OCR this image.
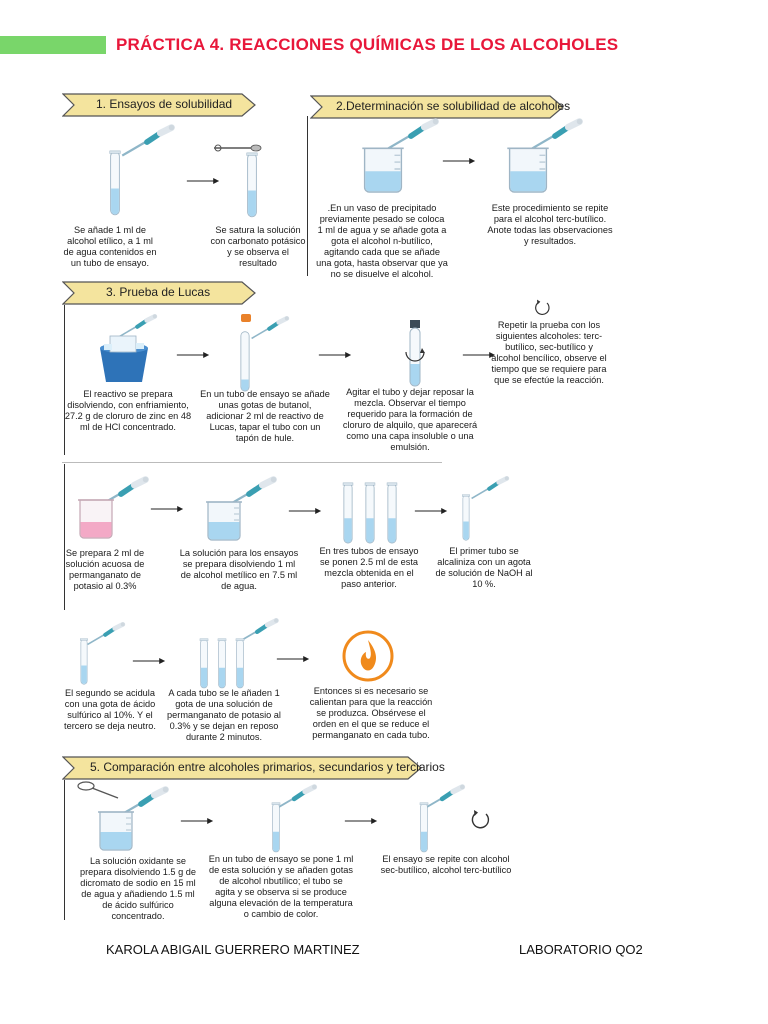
PRÁCTICA 4. REACCIONES QUÍMICAS DE LOS ALCOHOLES
1. Ensayos de solubilidad
Se añade 1 ml de alcohol etílico, a 1 ml de agua contenidos en un tubo de ensayo.
Se satura la solución con carbonato potásico y se observa el resultado
2.Determinación se solubilidad de alcoholes
.En un vaso de precipitado previamente pesado se coloca 1 ml de agua y se añade gota a gota el alcohol n-butílico, agitando cada que se añade una gota, hasta observar que ya no se disuelve el alcohol.
Este procedimiento se repite para el alcohol terc-butílico. Anote todas las observaciones y resultados.
3. Prueba de Lucas
El reactivo se prepara disolviendo, con enfriamiento, 27.2 g de cloruro de zinc en 48 ml de HCl concentrado.
En un tubo de ensayo se añade unas gotas de butanol, adicionar 2 ml de reactivo de Lucas, tapar el tubo con un tapón de hule.
Agitar el tubo y dejar reposar la mezcla. Observar el tiempo requerido para la formación de cloruro de alquilo, que aparecerá como una capa insoluble o una emulsión.
Repetir la prueba con los siguientes alcoholes: terc-butílico, sec-butílico y alcohol bencílico, observe el tiempo que se requiere para que se efectúe la reacción.
Se prepara 2 ml de solución acuosa de permanganato de potasio al 0.3%
La solución para los ensayos se prepara disolviendo 1 ml de alcohol metílico en 7.5 ml de agua.
En tres tubos de ensayo se ponen 2.5 ml de esta mezcla obtenida en el paso anterior.
El primer tubo se alcaliniza con un agota de solución de NaOH al 10 %.
El segundo se acidula con una gota de ácido sulfúrico al 10%. Y el tercero se deja neutro.
A cada tubo se le añaden 1 gota de una solución de permanganato de potasio al 0.3% y se dejan en reposo durante 2 minutos.
Entonces si es necesario se calientan para que la reacción se produzca. Obsérvese el orden en el que se reduce el permanganato en cada tubo.
5. Comparación entre alcoholes primarios, secundarios y terciarios
La solución oxidante se prepara disolviendo 1.5 g de dicromato de sodio en 15 ml de agua y añadiendo 1.5 ml de ácido sulfúrico concentrado.
En un tubo de ensayo se pone 1 ml de esta solución y se añaden gotas de alcohol nbutílico; el tubo se agita y se observa si se produce alguna elevación de la temperatura o cambio de color.
El ensayo se repite con alcohol sec-butílico, alcohol terc-butílico
KAROLA ABIGAIL GUERRERO MARTINEZ	LABORATORIO QO2
